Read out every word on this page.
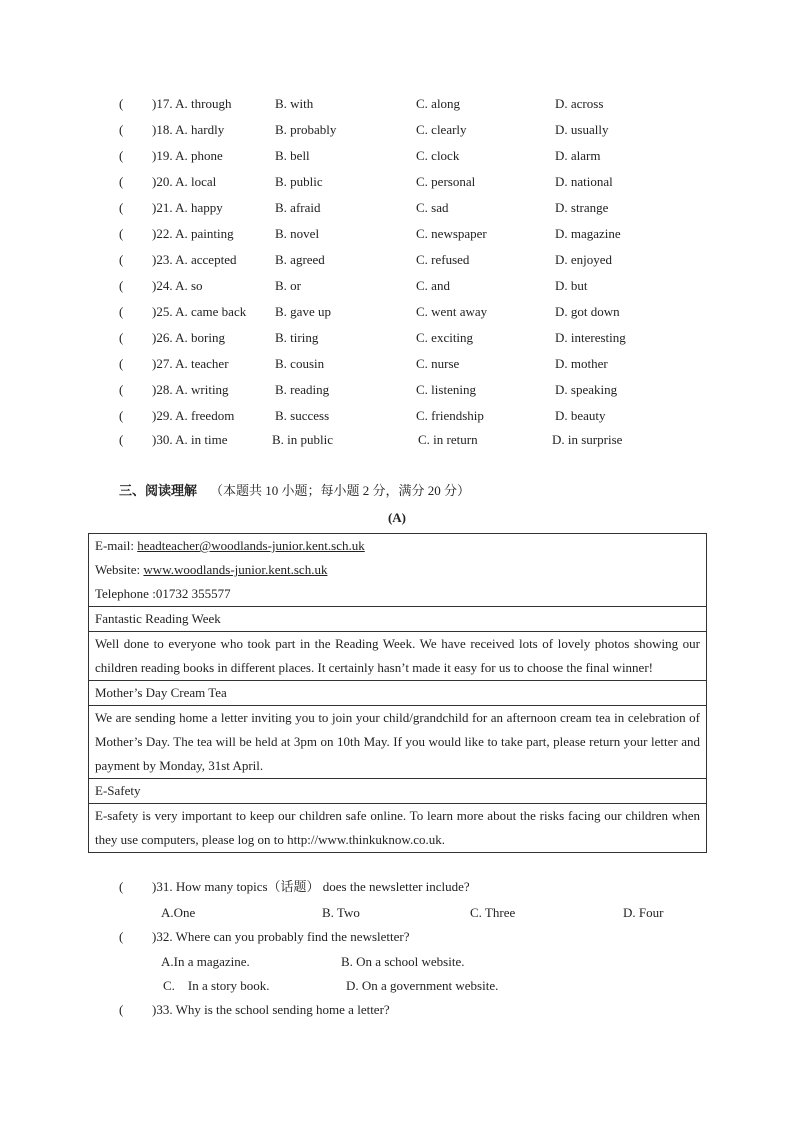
( )17. A. through	B. with	C. along	D. across
( )18. A. hardly	B. probably	C. clearly	D. usually
( )19. A. phone	B. bell	C. clock	D. alarm
( )20. A. local	B. public	C. personal	D. national
( )21. A. happy	B. afraid	C. sad	D. strange
( )22. A. painting	B. novel	C. newspaper	D. magazine
( )23. A. accepted	B. agreed	C. refused	D. enjoyed
( )24. A. so	B. or	C. and	D. but
( )25. A. came back B. gave up	C. went away	D. got down
( )26. A. boring	B. tiring	C. exciting	D. interesting
( )27. A. teacher	B. cousin	C. nurse	D. mother
( )28. A. writing	B. reading	C. listening	D. speaking
( )29. A. freedom	B. success	C. friendship	D. beauty
( )30. A. in time	B. in public	C. in return	D. in surprise
三、阅读理解 （本题共 10 小题；每小题 2 分，满分 20 分）
(A)
E-mail: headteacher@woodlands-junior.kent.sch.uk
Website: www.woodlands-junior.kent.sch.uk
Telephone :01732 355577

Fantastic Reading Week
Well done to everyone who took part in the Reading Week. We have received lots of lovely photos showing our children reading books in different places. It certainly hasn’t made it easy for us to choose the final winner!
Mother’s Day Cream Tea
We are sending home a letter inviting you to join your child/grandchild for an afternoon cream tea in celebration of Mother’s Day. The tea will be held at 3pm on 10th May. If you would like to take part, please return your letter and payment by Monday, 31st April.
E-Safety
E-safety is very important to keep our children safe online. To learn more about the risks facing our children when they use computers, please log on to http://www.thinkuknow.co.uk.
( )31. How many topics（话题） does the newsletter include?
A.One	B. Two	C. Three	D. Four
( )32. Where can you probably find the newsletter?
A.In a magazine.	B. On a school website.
C.    In a story book.	D. On a government website.
( )33. Why is the school sending home a letter?
